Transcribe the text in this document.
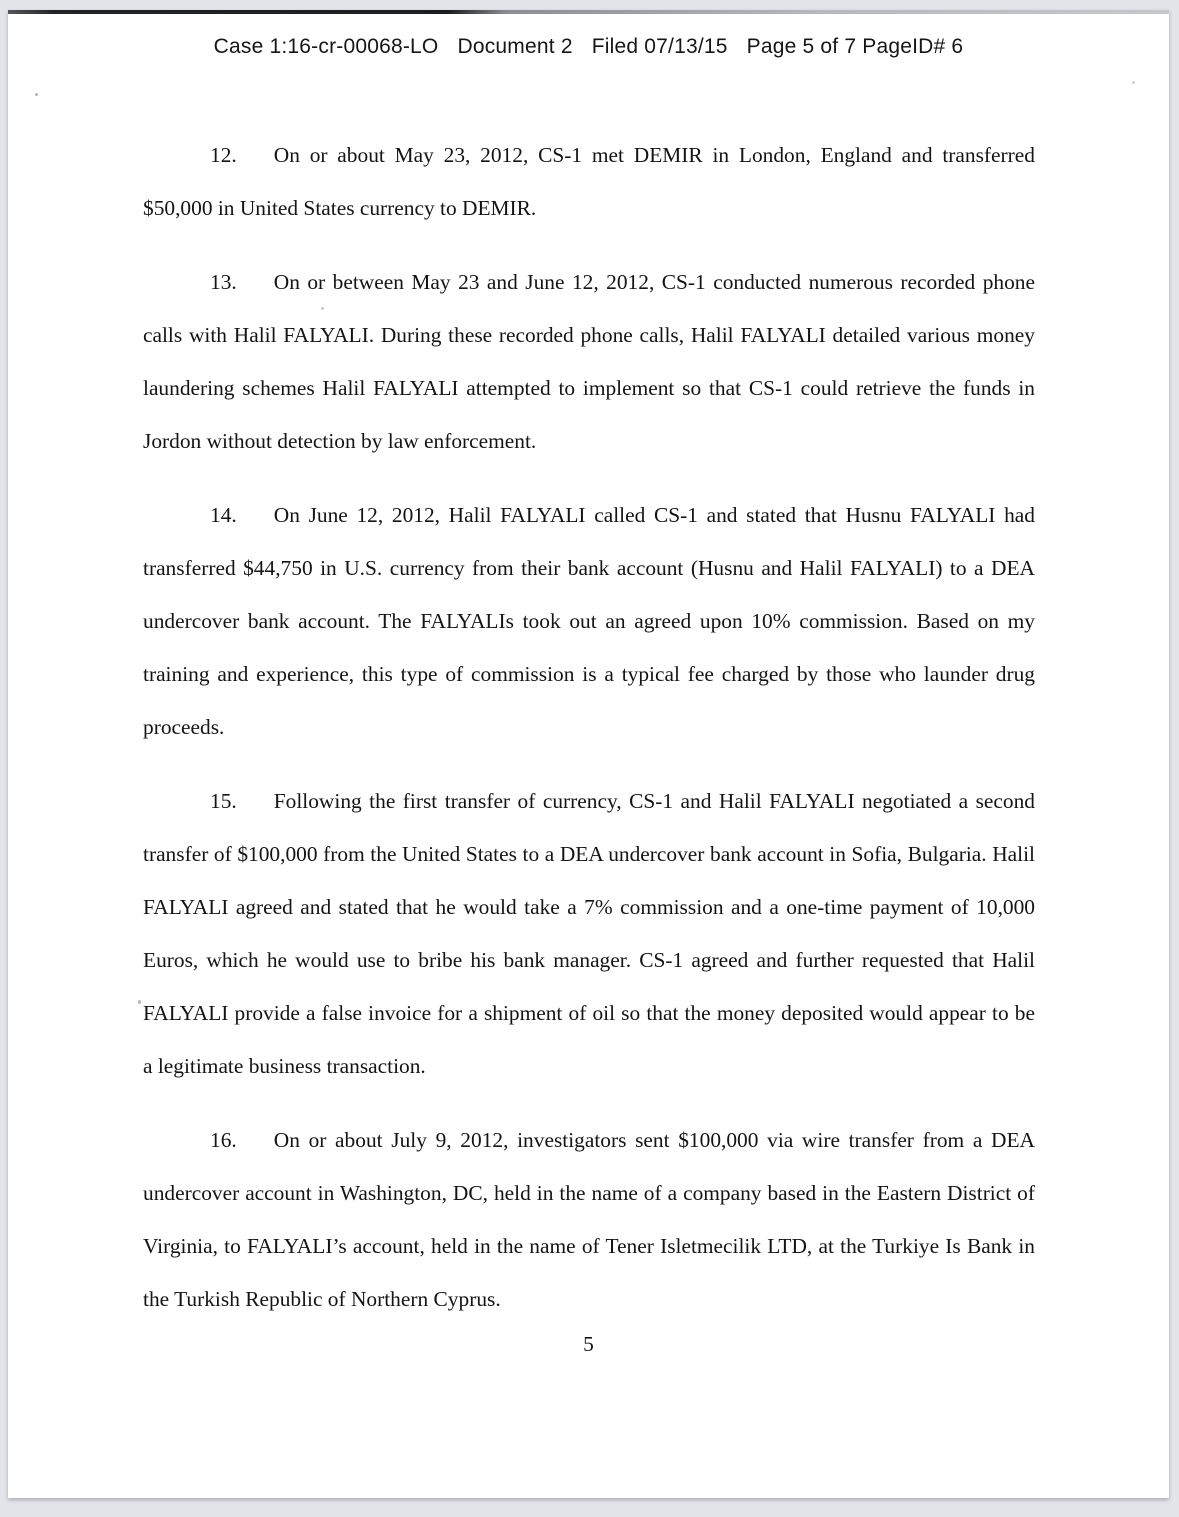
Case 1:16-cr-00068-LO Document 2 Filed 07/13/15 Page 5 of 7 PageID# 6

12. On or about May 23, 2012, CS-1 met DEMIR in London, England and transferred $50,000 in United States currency to DEMIR.

13. On or between May 23 and June 12, 2012, CS-1 conducted numerous recorded phone calls with Halil FALYALI. During these recorded phone calls, Halil FALYALI detailed various money laundering schemes Halil FALYALI attempted to implement so that CS-1 could retrieve the funds in Jordon without detection by law enforcement.

14. On June 12, 2012, Halil FALYALI called CS-1 and stated that Husnu FALYALI had transferred $44,750 in U.S. currency from their bank account (Husnu and Halil FALYALI) to a DEA undercover bank account. The FALYALIs took out an agreed upon 10% commission. Based on my training and experience, this type of commission is a typical fee charged by those who launder drug proceeds.

15. Following the first transfer of currency, CS-1 and Halil FALYALI negotiated a second transfer of $100,000 from the United States to a DEA undercover bank account in Sofia, Bulgaria. Halil FALYALI agreed and stated that he would take a 7% commission and a one-time payment of 10,000 Euros, which he would use to bribe his bank manager. CS-1 agreed and further requested that Halil FALYALI provide a false invoice for a shipment of oil so that the money deposited would appear to be a legitimate business transaction.

16. On or about July 9, 2012, investigators sent $100,000 via wire transfer from a DEA undercover account in Washington, DC, held in the name of a company based in the Eastern District of Virginia, to FALYALI’s account, held in the name of Tener Isletmecilik LTD, at the Turkiye Is Bank in the Turkish Republic of Northern Cyprus.

5
